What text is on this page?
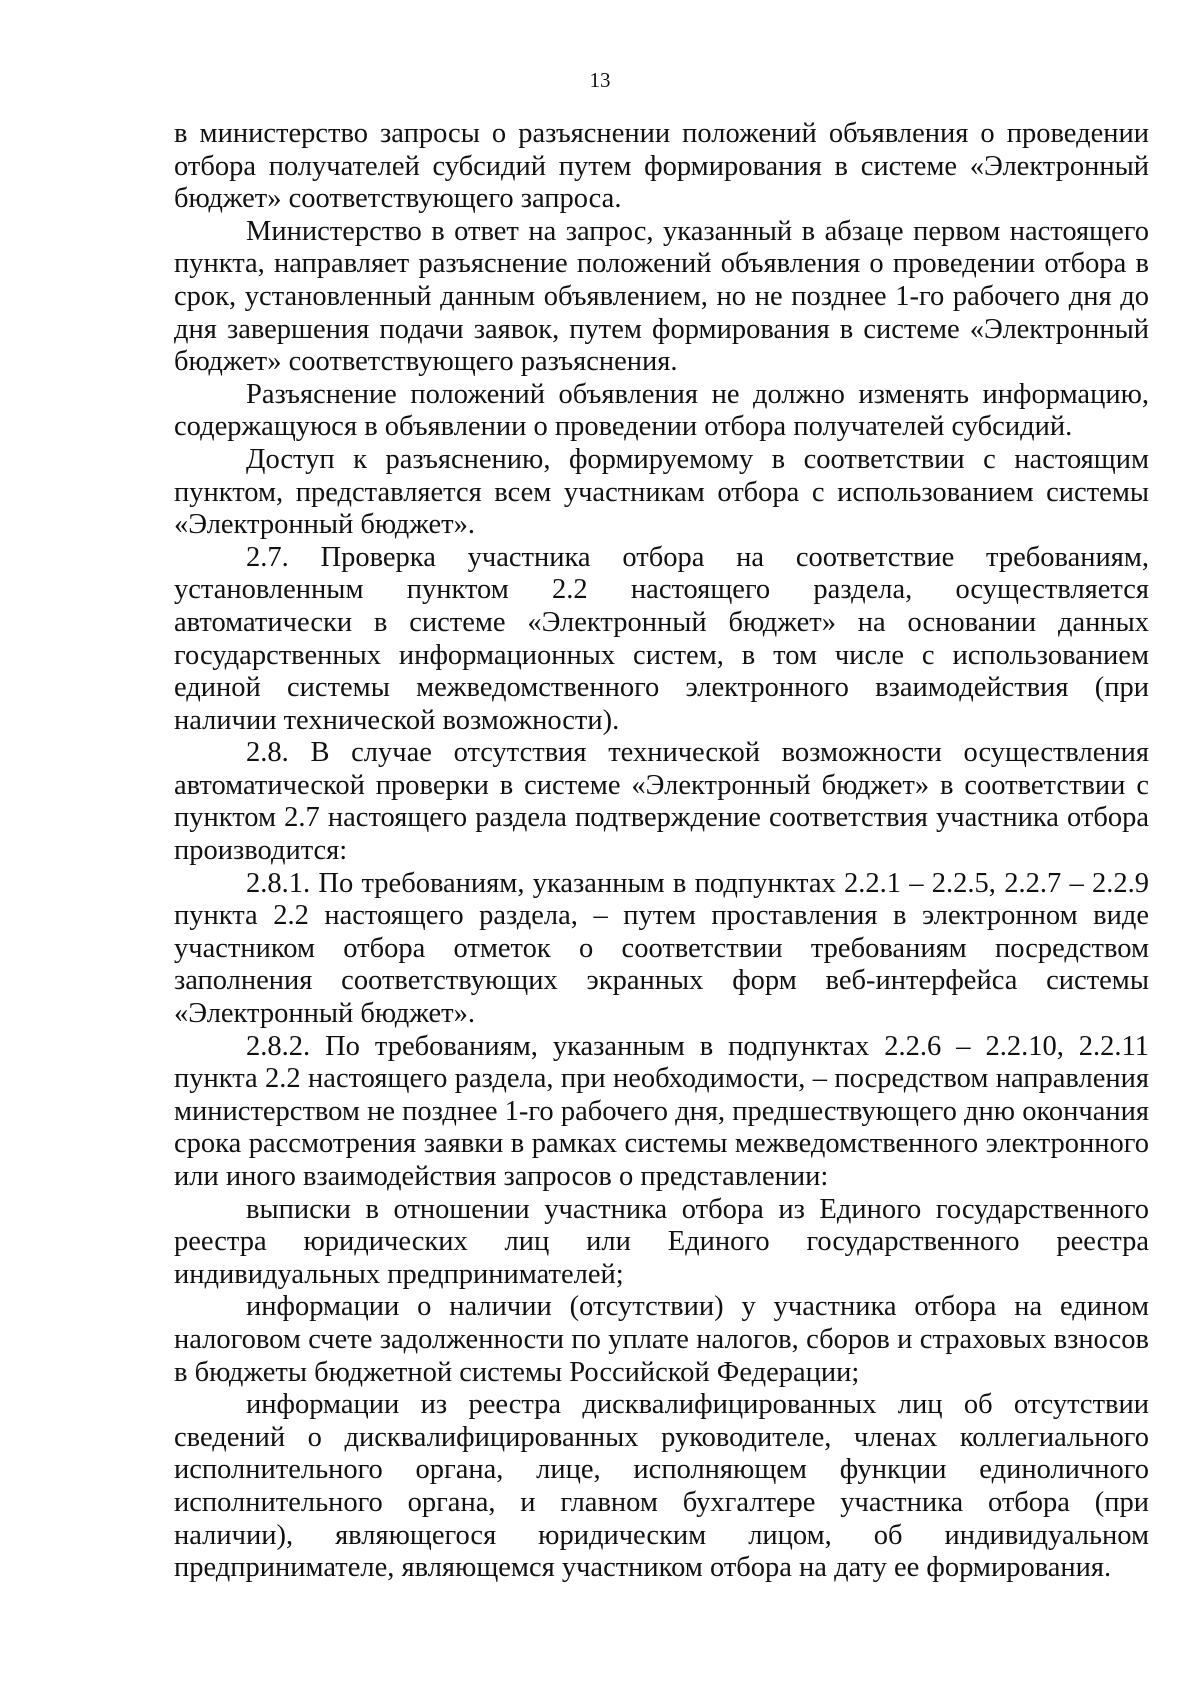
13

в министерство запросы о разъяснении положений объявления о проведении отбора получателей субсидий путем формирования в системе «Электронный бюджет» соответствующего запроса.

Министерство в ответ на запрос, указанный в абзаце первом настоящего пункта, направляет разъяснение положений объявления о проведении отбора в срок, установленный данным объявлением, но не позднее 1-го рабочего дня до дня завершения подачи заявок, путем формирования в системе «Электронный бюджет» соответствующего разъяснения.

Разъяснение положений объявления не должно изменять информацию, содержащуюся в объявлении о проведении отбора получателей субсидий.

Доступ к разъяснению, формируемому в соответствии с настоящим пунктом, представляется всем участникам отбора с использованием системы «Электронный бюджет».

2.7. Проверка участника отбора на соответствие требованиям, установленным пунктом 2.2 настоящего раздела, осуществляется автоматически в системе «Электронный бюджет» на основании данных государственных информационных систем, в том числе с использованием единой системы межведомственного электронного взаимодействия (при наличии технической возможности).

2.8. В случае отсутствия технической возможности осуществления автоматической проверки в системе «Электронный бюджет» в соответствии с пунктом 2.7 настоящего раздела подтверждение соответствия участника отбора производится:

2.8.1. По требованиям, указанным в подпунктах 2.2.1 – 2.2.5, 2.2.7 – 2.2.9 пункта 2.2 настоящего раздела, – путем проставления в электронном виде участником отбора отметок о соответствии требованиям посредством заполнения соответствующих экранных форм веб-интерфейса системы «Электронный бюджет».

2.8.2. По требованиям, указанным в подпунктах 2.2.6 – 2.2.10, 2.2.11 пункта 2.2 настоящего раздела, при необходимости, – посредством направления министерством не позднее 1-го рабочего дня, предшествующего дню окончания срока рассмотрения заявки в рамках системы межведомственного электронного или иного взаимодействия запросов о представлении:

выписки в отношении участника отбора из Единого государственного реестра юридических лиц или Единого государственного реестра индивидуальных предпринимателей;

информации о наличии (отсутствии) у участника отбора на едином налоговом счете задолженности по уплате налогов, сборов и страховых взносов в бюджеты бюджетной системы Российской Федерации;

информации из реестра дисквалифицированных лиц об отсутствии сведений о дисквалифицированных руководителе, членах коллегиального исполнительного органа, лице, исполняющем функции единоличного исполнительного органа, и главном бухгалтере участника отбора (при наличии), являющегося юридическим лицом, об индивидуальном предпринимателе, являющемся участником отбора на дату ее формирования.
